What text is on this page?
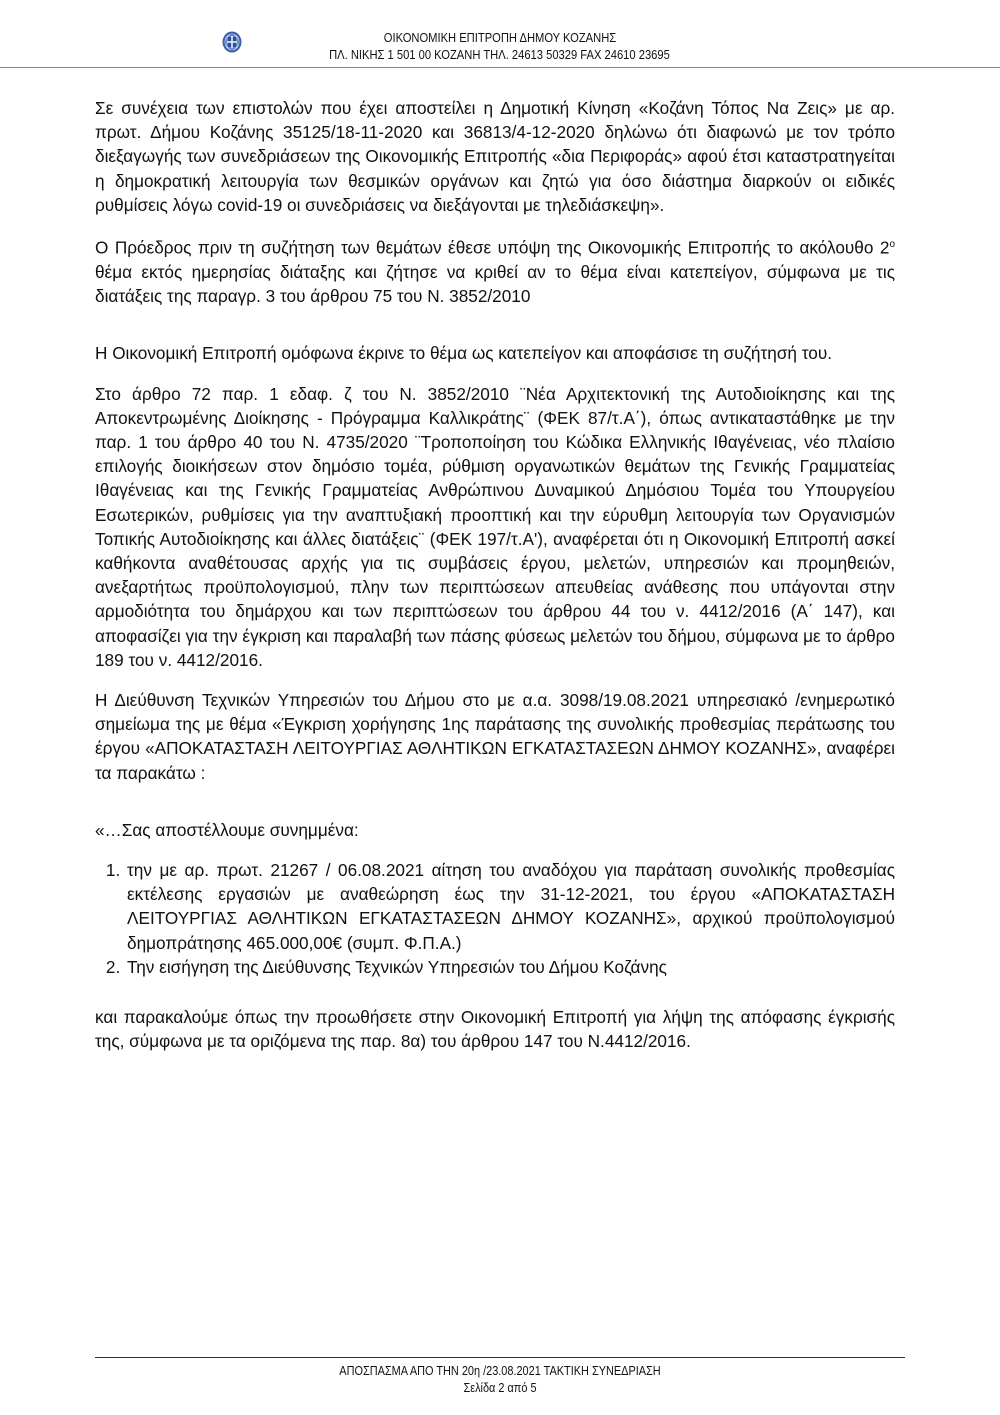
ΟΙΚΟΝΟΜΙΚΗ ΕΠΙΤΡΟΠΗ ΔΗΜΟΥ ΚΟΖΑΝΗΣ
ΠΛ. ΝΙΚΗΣ 1 501 00 ΚΟΖΑΝΗ ΤΗΛ. 24613 50329 FAX 24610 23695

Σε συνέχεια των επιστολών που έχει αποστείλει η Δημοτική Κίνηση «Κοζάνη Τόπος Να Ζεις» με αρ. πρωτ. Δήμου Κοζάνης 35125/18-11-2020 και 36813/4-12-2020 δηλώνω ότι διαφωνώ με τον τρόπο διεξαγωγής των συνεδριάσεων της Οικονομικής Επιτροπής «δια Περιφοράς» αφού έτσι καταστρατηγείται η δημοκρατική λειτουργία των θεσμικών οργάνων και ζητώ για όσο διάστημα διαρκούν οι ειδικές ρυθμίσεις λόγω covid-19 οι συνεδριάσεις να διεξάγονται με τηλεδιάσκεψη».

Ο Πρόεδρος πριν τη συζήτηση των θεμάτων έθεσε υπόψη της Οικονομικής Επιτροπής το ακόλουθο $2^o$ θέμα εκτός ημερησίας διάταξης και ζήτησε να κριθεί αν το θέμα είναι κατεπείγον, σύμφωνα με τις διατάξεις της παραγρ. 3 του άρθρου 75 του Ν. 3852/2010

Η Οικονομική Επιτροπή ομόφωνα έκρινε το θέμα ως κατεπείγον και αποφάσισε τη συζήτησή του.

Στο άρθρο 72 παρ. 1 εδαφ. ζ του Ν. 3852/2010 ¨Νέα Αρχιτεκτονική της Αυτοδιοίκησης και της Αποκεντρωμένης Διοίκησης - Πρόγραμμα Καλλικράτης¨ (ΦΕΚ 87/τ.Α΄), όπως αντικαταστάθηκε με την παρ. 1 του άρθρο 40 του Ν. 4735/2020 ¨Τροποποίηση του Κώδικα Ελληνικής Ιθαγένειας, νέο πλαίσιο επιλογής διοικήσεων στον δημόσιο τομέα, ρύθμιση οργανωτικών θεμάτων της Γενικής Γραμματείας Ιθαγένειας και της Γενικής Γραμματείας Ανθρώπινου Δυναμικού Δημόσιου Τομέα του Υπουργείου Εσωτερικών, ρυθμίσεις για την αναπτυξιακή προοπτική και την εύρυθμη λειτουργία των Οργανισμών Τοπικής Αυτοδιοίκησης και άλλες διατάξεις¨ (ΦΕΚ 197/τ.Α'), αναφέρεται ότι η Οικονομική Επιτροπή ασκεί καθήκοντα αναθέτουσας αρχής για τις συμβάσεις έργου, μελετών, υπηρεσιών και προμηθειών, ανεξαρτήτως προϋπολογισμού, πλην των περιπτώσεων απευθείας ανάθεσης που υπάγονται στην αρμοδιότητα του δημάρχου και των περιπτώσεων του άρθρου 44 του ν. 4412/2016 (Α΄ 147), και αποφασίζει για την έγκριση και παραλαβή των πάσης φύσεως μελετών του δήμου, σύμφωνα με το άρθρο 189 του ν. 4412/2016.

Η Διεύθυνση Τεχνικών Υπηρεσιών του Δήμου στο με α.α. 3098/19.08.2021 υπηρεσιακό /ενημερωτικό σημείωμα της με θέμα «Έγκριση χορήγησης 1ης παράτασης της συνολικής προθεσμίας περάτωσης του έργου «ΑΠΟΚΑΤΑΣΤΑΣΗ ΛΕΙΤΟΥΡΓΙΑΣ ΑΘΛΗΤΙΚΩΝ ΕΓΚΑΤΑΣΤΑΣΕΩΝ ΔΗΜΟΥ ΚΟΖΑΝΗΣ», αναφέρει τα παρακάτω :

«…Σας αποστέλλουμε συνημμένα:

1. την με αρ. πρωτ. 21267 / 06.08.2021 αίτηση του αναδόχου για παράταση συνολικής προθεσμίας εκτέλεσης εργασιών με αναθεώρηση έως την 31-12-2021, του έργου «ΑΠΟΚΑΤΑΣΤΑΣΗ ΛΕΙΤΟΥΡΓΙΑΣ ΑΘΛΗΤΙΚΩΝ ΕΓΚΑΤΑΣΤΑΣΕΩΝ ΔΗΜΟΥ ΚΟΖΑΝΗΣ», αρχικού προϋπολογισμού δημοπράτησης 465.000,00€ (συμπ. Φ.Π.Α.)
2. Την εισήγηση της Διεύθυνσης Τεχνικών Υπηρεσιών του Δήμου Κοζάνης

και παρακαλούμε όπως την προωθήσετε στην Οικονομική Επιτροπή για λήψη της απόφασης έγκρισής της, σύμφωνα με τα οριζόμενα της παρ. 8α) του άρθρου 147 του Ν.4412/2016.

ΑΠΟΣΠΑΣΜΑ ΑΠΟ ΤΗΝ 20η /23.08.2021 ΤΑΚΤΙΚΗ ΣΥΝΕΔΡΙΑΣΗ
Σελίδα 2 από 5
